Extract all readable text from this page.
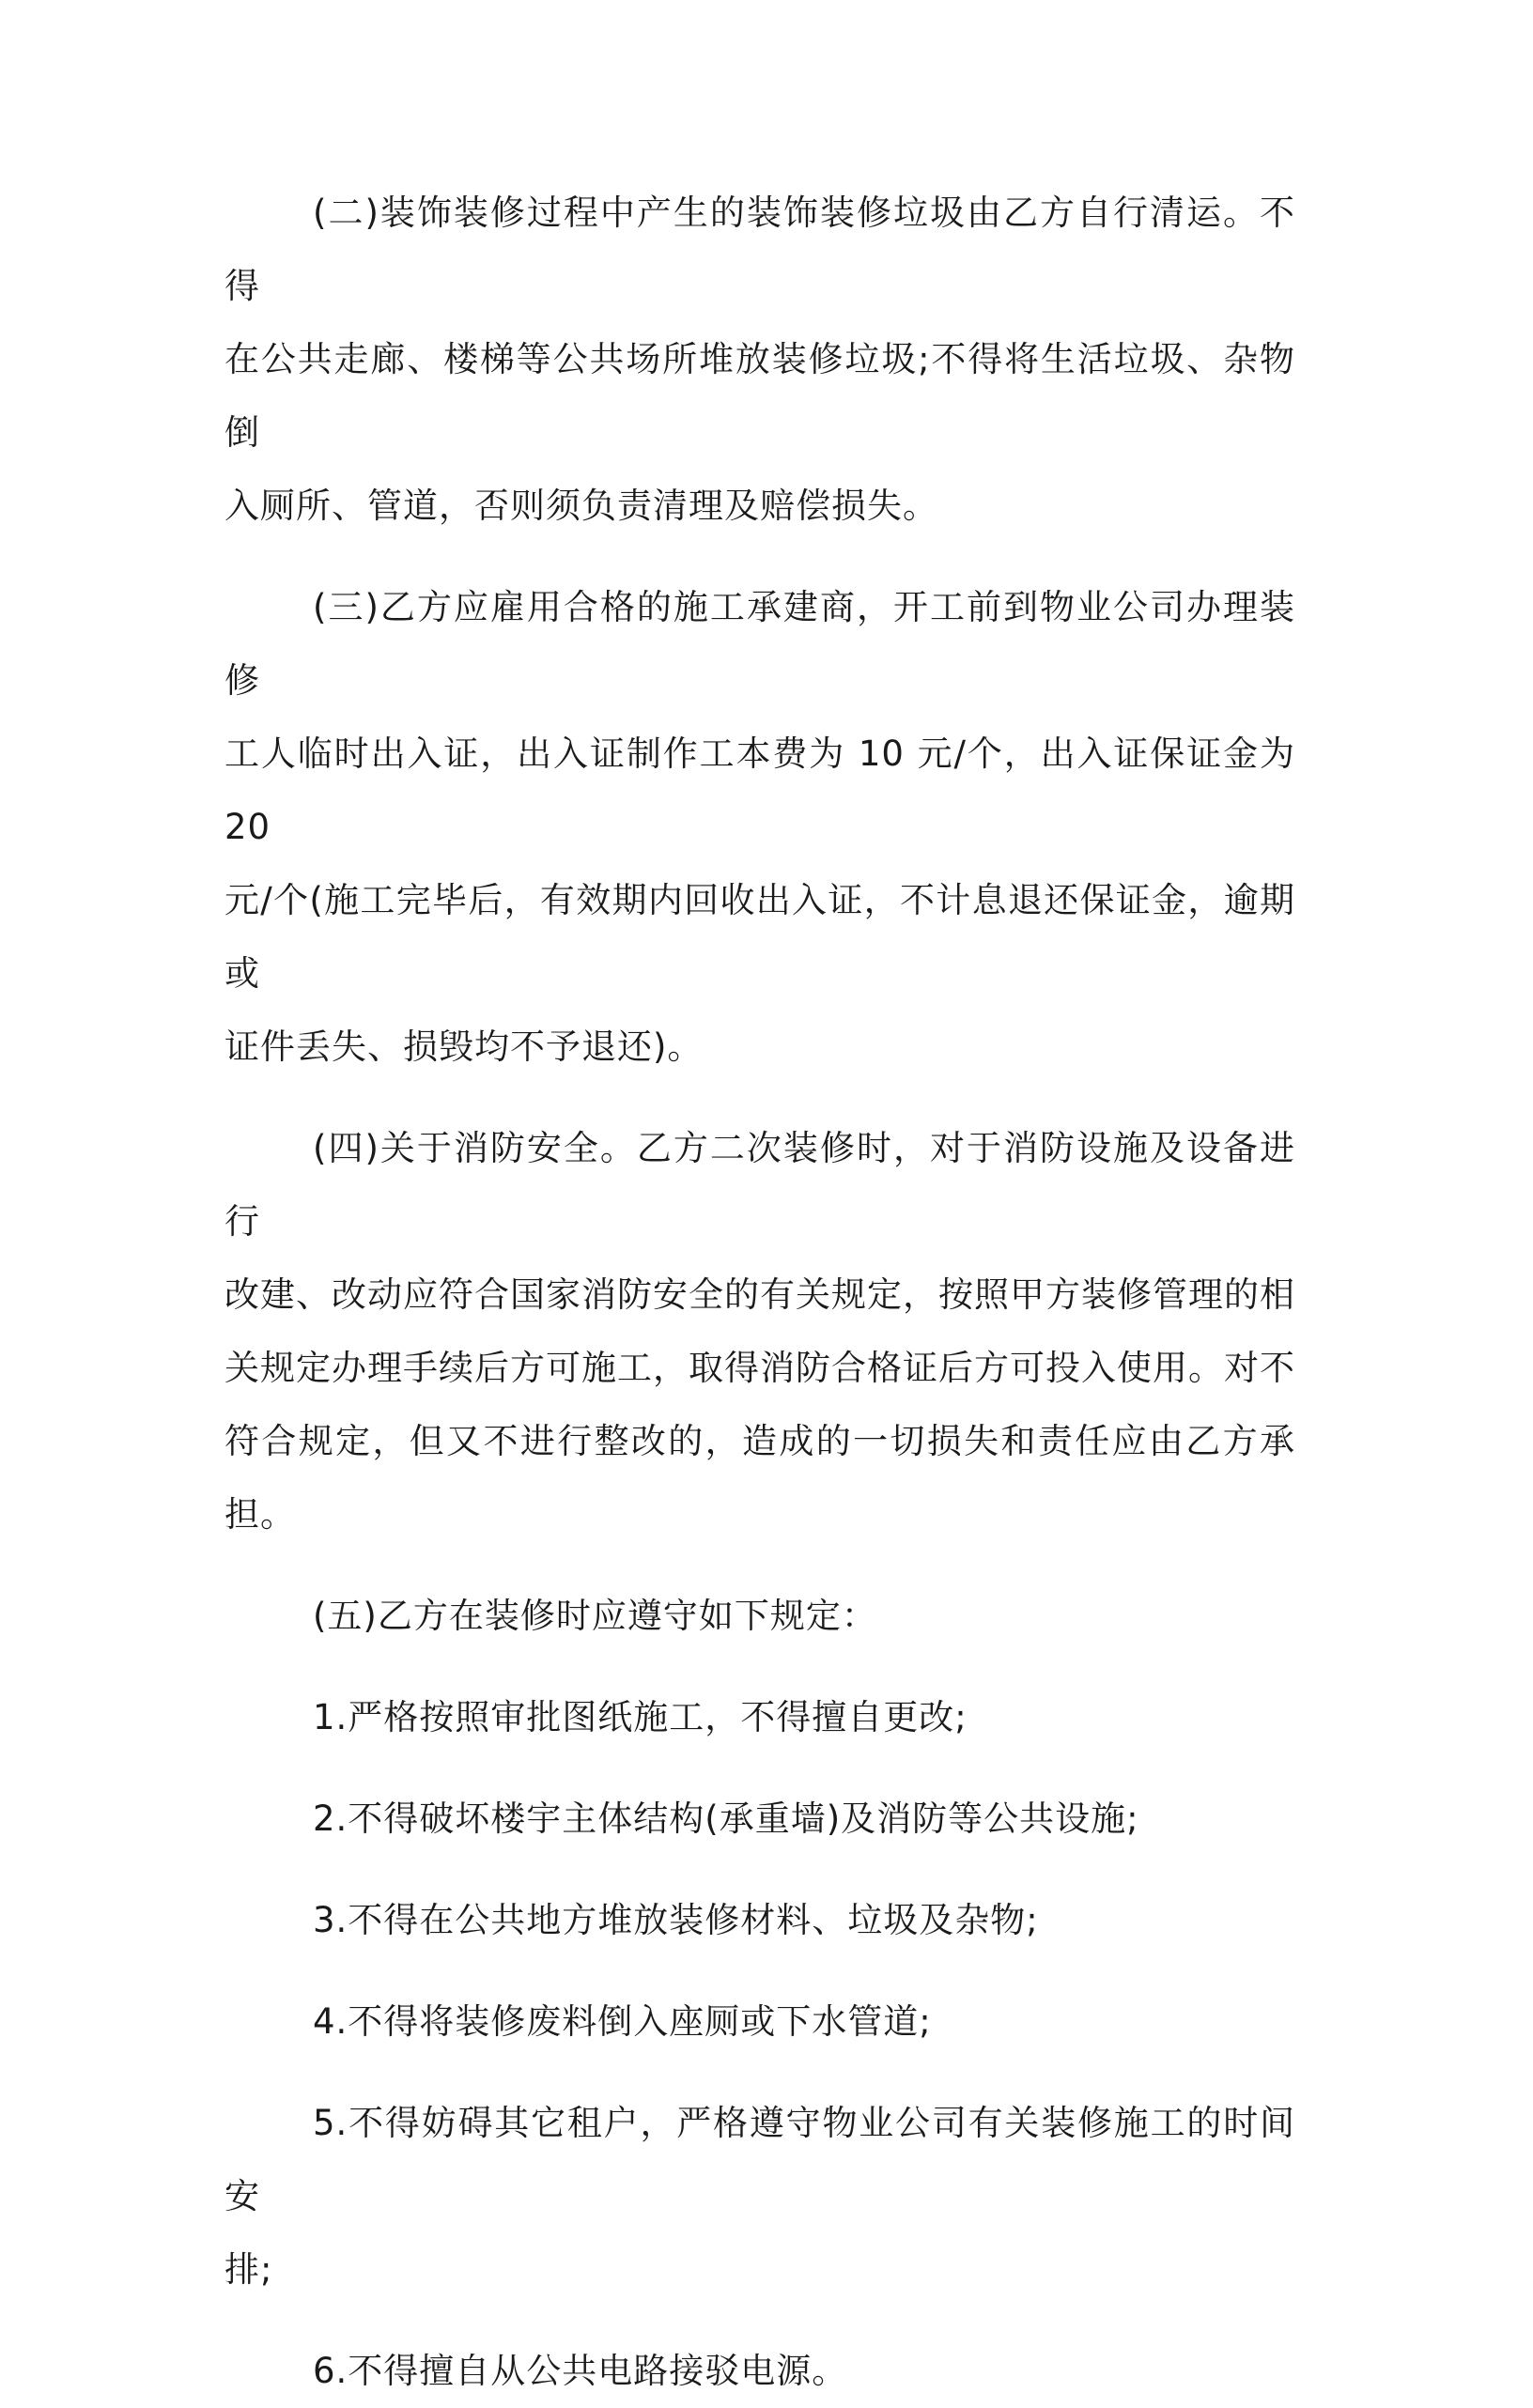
(二)装饰装修过程中产生的装饰装修垃圾由乙方自行清运。不得
在公共走廊、楼梯等公共场所堆放装修垃圾;不得将生活垃圾、杂物倒
入厕所、管道，否则须负责清理及赔偿损失。

(三)乙方应雇用合格的施工承建商，开工前到物业公司办理装修
工人临时出入证，出入证制作工本费为 10 元/个，出入证保证金为 20
元/个(施工完毕后，有效期内回收出入证，不计息退还保证金，逾期或
证件丢失、损毁均不予退还)。

(四)关于消防安全。乙方二次装修时，对于消防设施及设备进行
改建、改动应符合国家消防安全的有关规定，按照甲方装修管理的相
关规定办理手续后方可施工，取得消防合格证后方可投入使用。对不
符合规定，但又不进行整改的，造成的一切损失和责任应由乙方承担。

(五)乙方在装修时应遵守如下规定：

1.严格按照审批图纸施工，不得擅自更改;

2.不得破坏楼宇主体结构(承重墙)及消防等公共设施;

3.不得在公共地方堆放装修材料、垃圾及杂物;

4.不得将装修废料倒入座厕或下水管道;

5.不得妨碍其它租户，严格遵守物业公司有关装修施工的时间安
排;

6.不得擅自从公共电路接驳电源。
